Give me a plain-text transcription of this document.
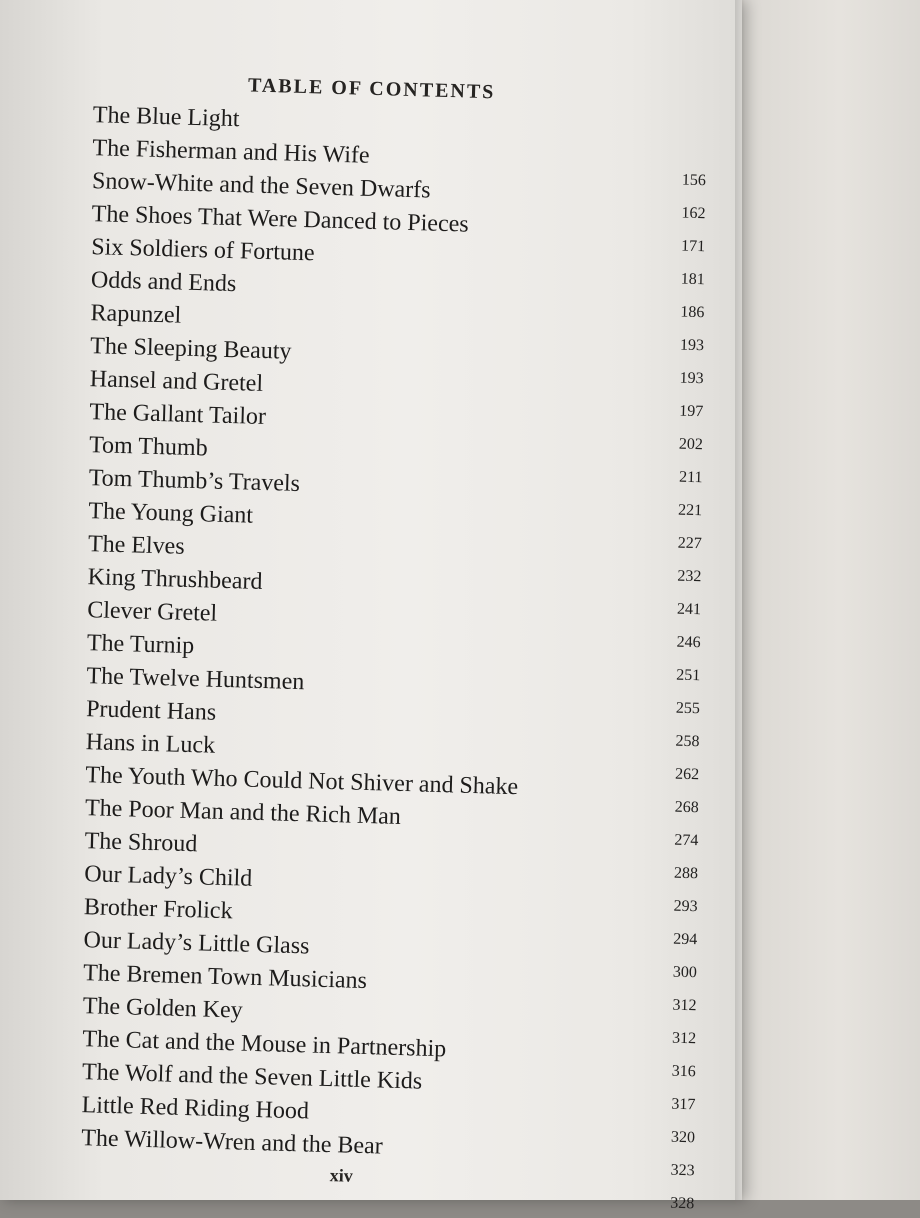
TABLE OF CONTENTS
The Blue Light
The Fisherman and His Wife
156
Snow-White and the Seven Dwarfs
162
The Shoes That Were Danced to Pieces
171
Six Soldiers of Fortune
181
Odds and Ends
186
Rapunzel
193
The Sleeping Beauty
193
Hansel and Gretel
197
The Gallant Tailor
202
Tom Thumb
211
Tom Thumb’s Travels
221
The Young Giant
227
The Elves
232
King Thrushbeard
241
Clever Gretel
246
The Turnip
251
The Twelve Huntsmen
255
Prudent Hans
258
Hans in Luck
262
The Youth Who Could Not Shiver and Shake
268
The Poor Man and the Rich Man
274
The Shroud
288
Our Lady’s Child
293
Brother Frolick
294
Our Lady’s Little Glass
300
The Bremen Town Musicians
312
The Golden Key
312
The Cat and the Mouse in Partnership
316
The Wolf and the Seven Little Kids
317
Little Red Riding Hood
320
The Willow-Wren and the Bear
323
328
xiv
